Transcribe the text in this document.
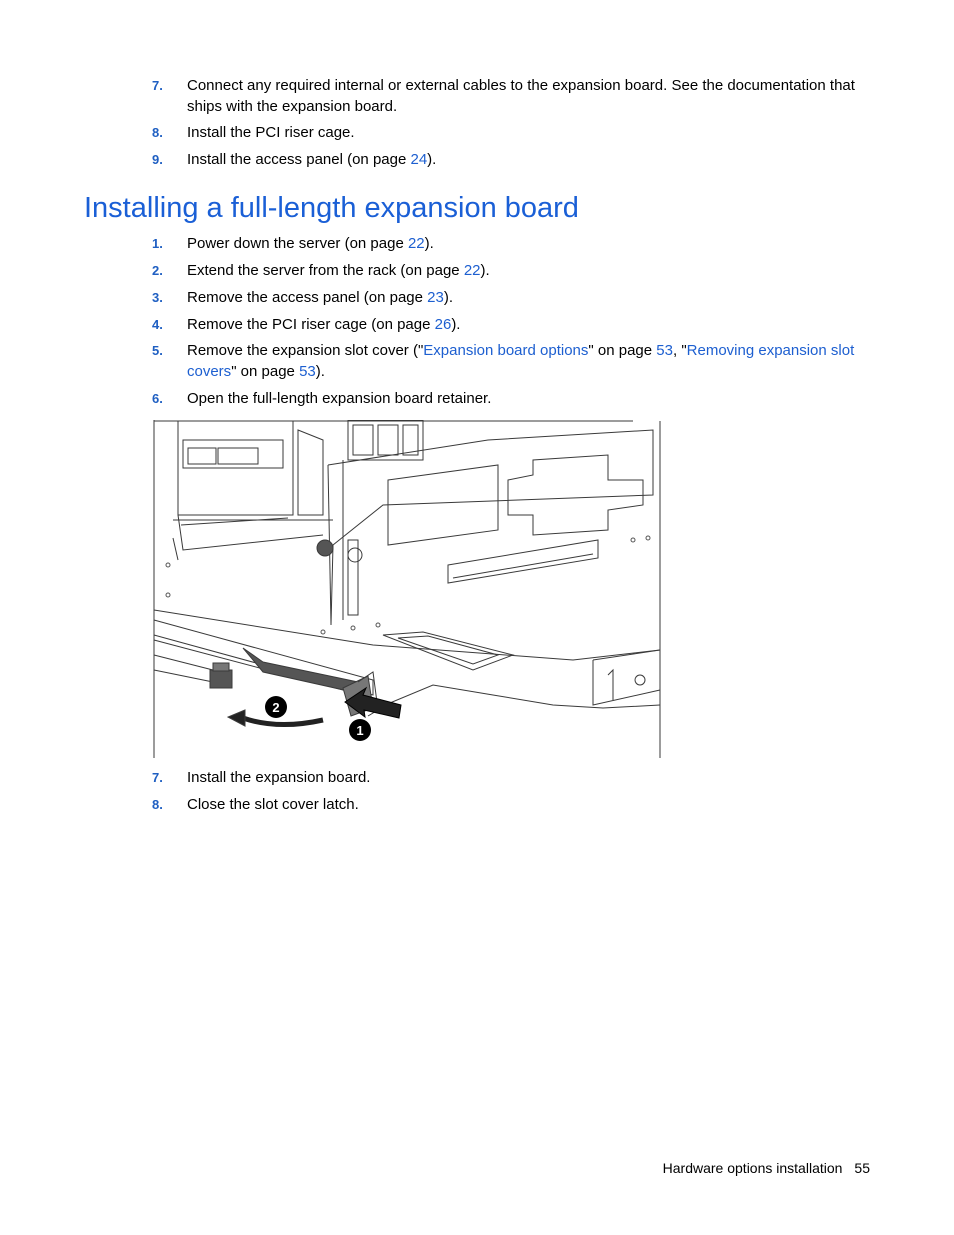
7. Connect any required internal or external cables to the expansion board. See the documentation that ships with the expansion board.
8. Install the PCI riser cage.
9. Install the access panel (on page 24).
Installing a full-length expansion board
1. Power down the server (on page 22).
2. Extend the server from the rack (on page 22).
3. Remove the access panel (on page 23).
4. Remove the PCI riser cage (on page 26).
5. Remove the expansion slot cover ("Expansion board options" on page 53, "Removing expansion slot covers" on page 53).
6. Open the full-length expansion board retainer.
2
1
7. Install the expansion board.
8. Close the slot cover latch.
Hardware options installation 55
